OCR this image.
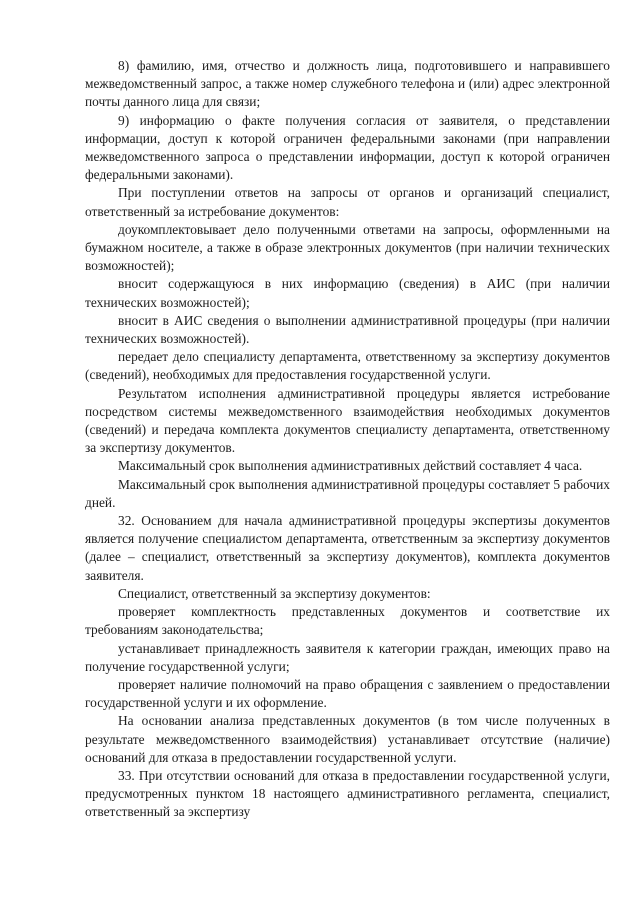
8) фамилию, имя, отчество и должность лица, подготовившего и направившего межведомственный запрос, а также номер служебного телефона и (или) адрес электронной почты данного лица для связи;

9) информацию о факте получения согласия от заявителя, о представлении информации, доступ к которой ограничен федеральными законами (при направлении межведомственного запроса о представлении информации, доступ к которой ограничен федеральными законами).

При поступлении ответов на запросы от органов и организаций специалист, ответственный за истребование документов:

доукомплектовывает дело полученными ответами на запросы, оформленными на бумажном носителе, а также в образе электронных документов (при наличии технических возможностей);

вносит содержащуюся в них информацию (сведения) в АИС (при наличии технических возможностей);

вносит в АИС сведения о выполнении административной процедуры (при наличии технических возможностей).

передает дело специалисту департамента, ответственному за экспертизу документов (сведений), необходимых для предоставления государственной услуги.

Результатом исполнения административной процедуры является истребование посредством системы межведомственного взаимодействия необходимых документов (сведений) и передача комплекта документов специалисту департамента, ответственному за экспертизу документов.

Максимальный срок выполнения административных действий составляет 4 часа.

Максимальный срок выполнения административной процедуры составляет 5 рабочих дней.

32. Основанием для начала административной процедуры экспертизы документов является получение специалистом департамента, ответственным за экспертизу документов (далее – специалист, ответственный за экспертизу документов), комплекта документов заявителя.

Специалист, ответственный за экспертизу документов:

проверяет комплектность представленных документов и соответствие их требованиям законодательства;

устанавливает принадлежность заявителя к категории граждан, имеющих право на получение государственной услуги;

проверяет наличие полномочий на право обращения с заявлением о предоставлении государственной услуги и их оформление.

На основании анализа представленных документов (в том числе полученных в результате межведомственного взаимодействия) устанавливает отсутствие (наличие) оснований для отказа в предоставлении государственной услуги.

33. При отсутствии оснований для отказа в предоставлении государственной услуги, предусмотренных пунктом 18 настоящего административного регламента, специалист, ответственный за экспертизу
